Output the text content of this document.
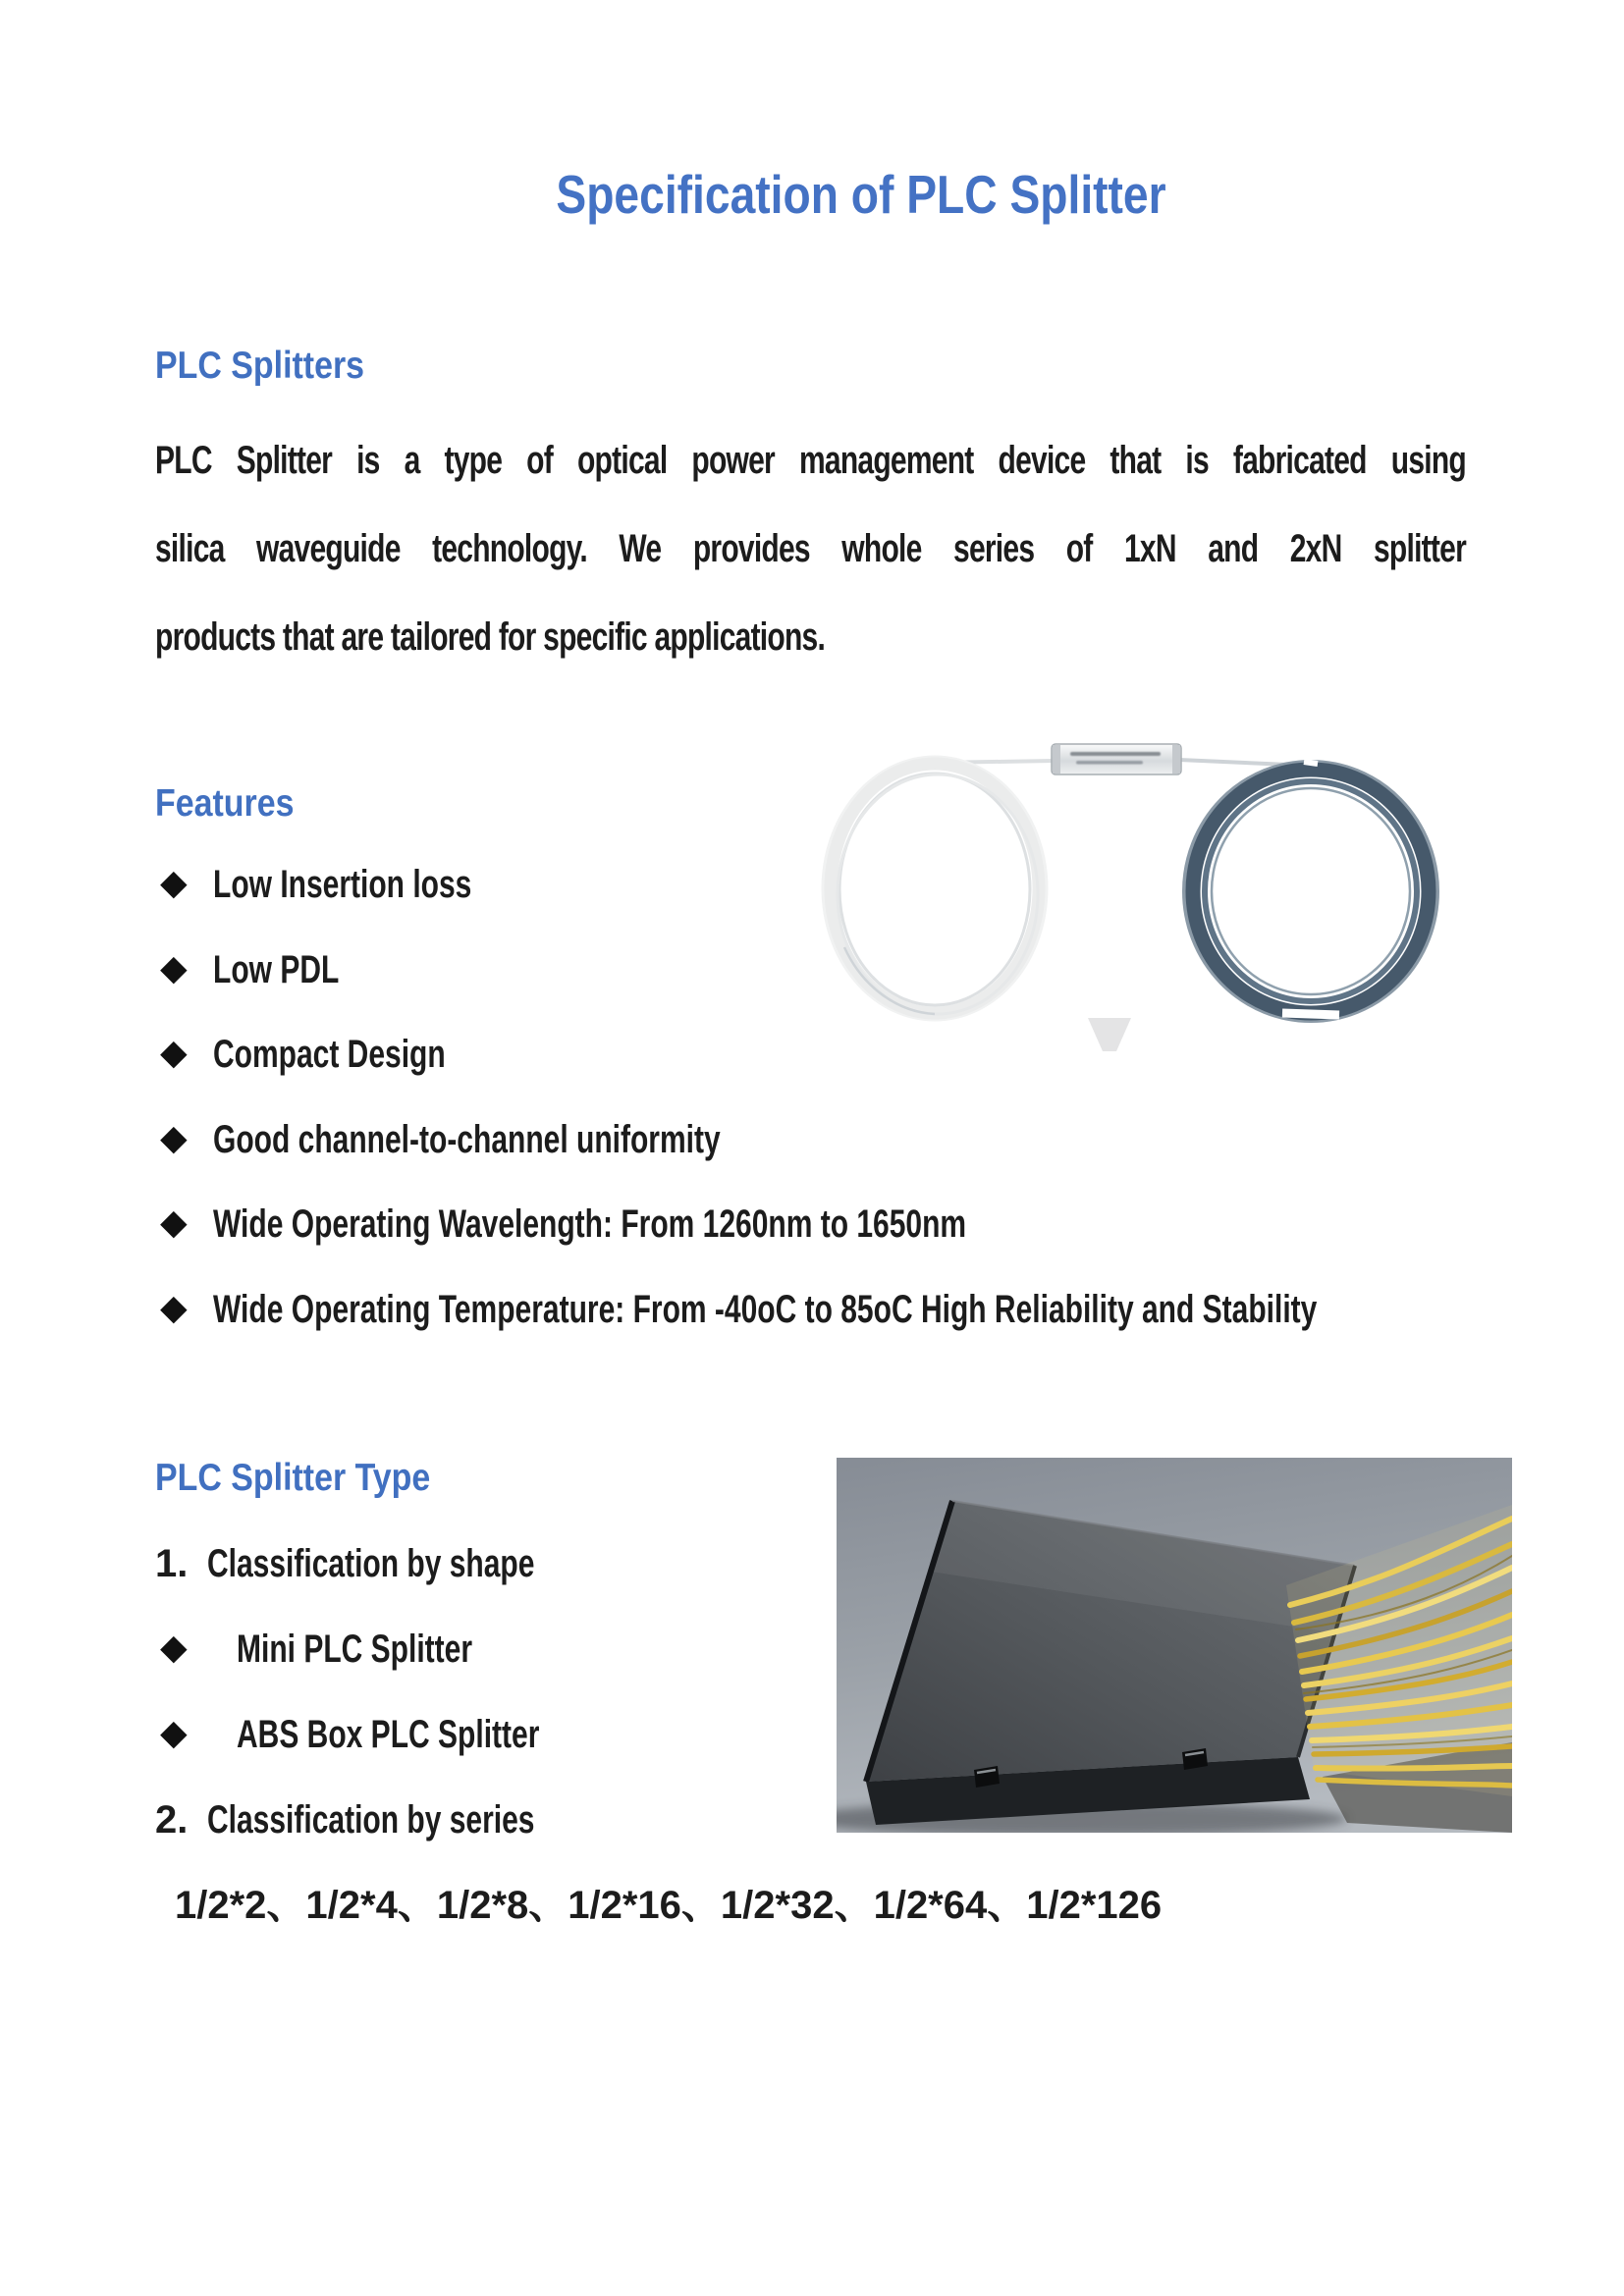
Specification of PLC Splitter
PLC Splitters
PLC Splitter is a type of optical power management device that is fabricated using
silica waveguide technology. We provides whole series of 1xN and 2xN splitter
products that are tailored for specific applications.
Features
◆ Low Insertion loss
◆ Low PDL
◆ Compact Design
◆ Good channel-to-channel uniformity
◆ Wide Operating Wavelength: From 1260nm to 1650nm
◆ Wide Operating Temperature: From -40oC to 85oC High Reliability and Stability
PLC Splitter Type
1. Classification by shape
◆ Mini PLC Splitter
◆ ABS Box PLC Splitter
2. Classification by series
1/2*2、1/2*4、1/2*8、1/2*16、1/2*32、1/2*64、1/2*126
